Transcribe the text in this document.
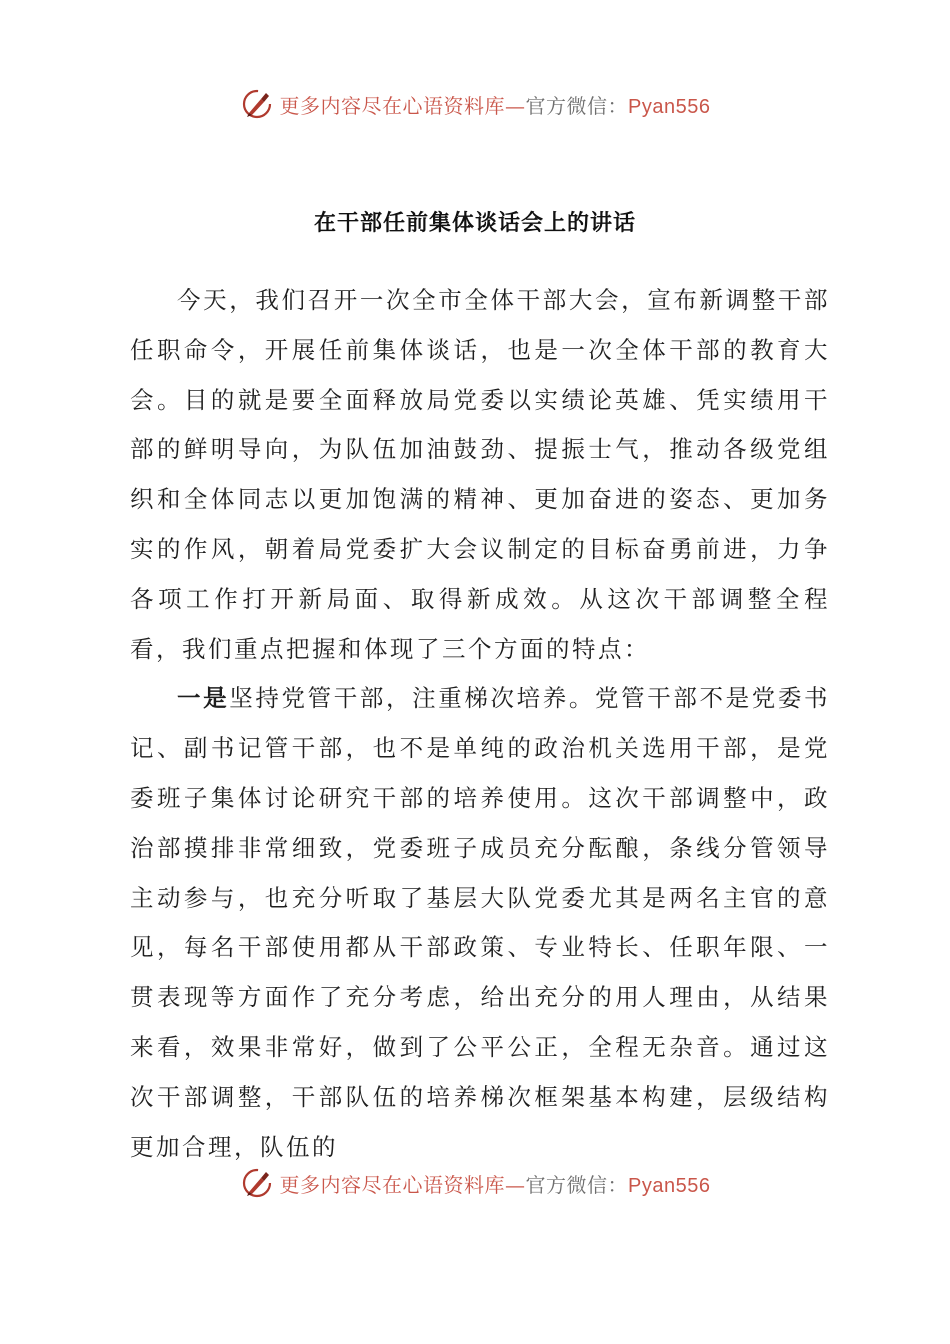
更多内容尽在心语资料库—官方微信：Pyan556
在干部任前集体谈话会上的讲话

今天，我们召开一次全市全体干部大会，宣布新调整干部任职命令，开展任前集体谈话，也是一次全体干部的教育大会。目的就是要全面释放局党委以实绩论英雄、凭实绩用干部的鲜明导向，为队伍加油鼓劲、提振士气，推动各级党组织和全体同志以更加饱满的精神、更加奋进的姿态、更加务实的作风，朝着局党委扩大会议制定的目标奋勇前进，力争各项工作打开新局面、取得新成效。从这次干部调整全程看，我们重点把握和体现了三个方面的特点：

一是坚持党管干部，注重梯次培养。党管干部不是党委书记、副书记管干部，也不是单纯的政治机关选用干部，是党委班子集体讨论研究干部的培养使用。这次干部调整中，政治部摸排非常细致，党委班子成员充分酝酿，条线分管领导主动参与，也充分听取了基层大队党委尤其是两名主官的意见，每名干部使用都从干部政策、专业特长、任职年限、一贯表现等方面作了充分考虑，给出充分的用人理由，从结果来看，效果非常好，做到了公平公正，全程无杂音。通过这次干部调整，干部队伍的培养梯次框架基本构建，层级结构更加合理，队伍的

更多内容尽在心语资料库—官方微信：Pyan556
